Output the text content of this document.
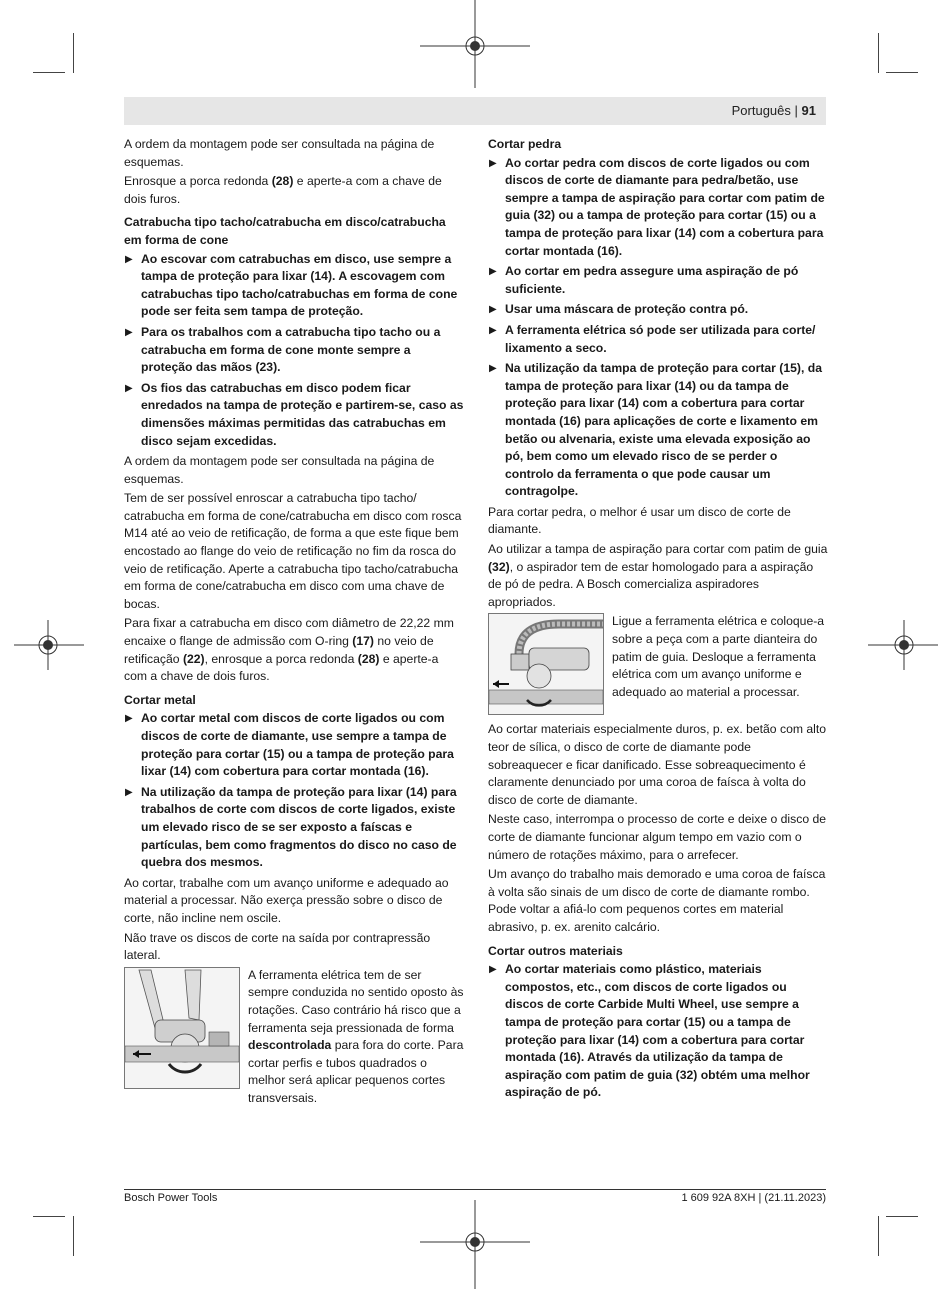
Português | 91

A ordem da montagem pode ser consultada na página de esquemas.

Enrosque a porca redonda (28) e aperte-a com a chave de dois furos.

Catrabucha tipo tacho/catrabucha em disco/catrabucha em forma de cone
▶ Ao escovar com catrabuchas em disco, use sempre a tampa de proteção para lixar (14). A escovagem com catrabuchas tipo tacho/catrabuchas em forma de cone pode ser feita sem tampa de proteção.
▶ Para os trabalhos com a catrabucha tipo tacho ou a catrabucha em forma de cone monte sempre a proteção das mãos (23).
▶ Os fios das catrabuchas em disco podem ficar enredados na tampa de proteção e partirem-se, caso as dimensões máximas permitidas das catrabuchas em disco sejam excedidas.

A ordem da montagem pode ser consultada na página de esquemas.

Tem de ser possível enroscar a catrabucha tipo tacho/ catrabucha em forma de cone/catrabucha em disco com rosca M14 até ao veio de retificação, de forma a que este fique bem encostado ao flange do veio de retificação no fim da rosca do veio de retificação. Aperte a catrabucha tipo tacho/catrabucha em forma de cone/catrabucha em disco com uma chave de bocas.

Para fixar a catrabucha em disco com diâmetro de 22,22 mm encaixe o flange de admissão com O-ring (17) no veio de retificação (22), enrosque a porca redonda (28) e aperte-a com a chave de dois furos.

Cortar metal
▶ Ao cortar metal com discos de corte ligados ou com discos de corte de diamante, use sempre a tampa de proteção para cortar (15) ou a tampa de proteção para lixar (14) com cobertura para cortar montada (16).
▶ Na utilização da tampa de proteção para lixar (14) para trabalhos de corte com discos de corte ligados, existe um elevado risco de se ser exposto a faíscas e partículas, bem como fragmentos do disco no caso de quebra dos mesmos.

Ao cortar, trabalhe com um avanço uniforme e adequado ao material a processar. Não exerça pressão sobre o disco de corte, não incline nem oscile.

Não trave os discos de corte na saída por contrapressão lateral.

A ferramenta elétrica tem de ser sempre conduzida no sentido oposto às rotações. Caso contrário há risco que a ferramenta seja pressionada de forma descontrolada para fora do corte. Para cortar perfis e tubos quadrados o melhor será aplicar pequenos cortes transversais.

Cortar pedra
▶ Ao cortar pedra com discos de corte ligados ou com discos de corte de diamante para pedra/betão, use sempre a tampa de aspiração para cortar com patim de guia (32) ou a tampa de proteção para cortar (15) ou a tampa de proteção para lixar (14) com a cobertura para cortar montada (16).
▶ Ao cortar em pedra assegure uma aspiração de pó suficiente.
▶ Usar uma máscara de proteção contra pó.
▶ A ferramenta elétrica só pode ser utilizada para corte/ lixamento a seco.
▶ Na utilização da tampa de proteção para cortar (15), da tampa de proteção para lixar (14) ou da tampa de proteção para lixar (14) com a cobertura para cortar montada (16) para aplicações de corte e lixamento em betão ou alvenaria, existe uma elevada exposição ao pó, bem como um elevado risco de se perder o controlo da ferramenta o que pode causar um contragolpe.

Para cortar pedra, o melhor é usar um disco de corte de diamante.

Ao utilizar a tampa de aspiração para cortar com patim de guia (32), o aspirador tem de estar homologado para a aspiração de pó de pedra. A Bosch comercializa aspiradores apropriados.

Ligue a ferramenta elétrica e coloque-a sobre a peça com a parte dianteira do patim de guia. Desloque a ferramenta elétrica com um avanço uniforme e adequado ao material a processar.

Ao cortar materiais especialmente duros, p. ex. betão com alto teor de sílica, o disco de corte de diamante pode sobreaquecer e ficar danificado. Esse sobreaquecimento é claramente denunciado por uma coroa de faísca à volta do disco de corte de diamante.

Neste caso, interrompa o processo de corte e deixe o disco de corte de diamante funcionar algum tempo em vazio com o número de rotações máximo, para o arrefecer.

Um avanço do trabalho mais demorado e uma coroa de faísca à volta são sinais de um disco de corte de diamante rombo. Pode voltar a afiá-lo com pequenos cortes em material abrasivo, p. ex. arenito calcário.

Cortar outros materiais
▶ Ao cortar materiais como plástico, materiais compostos, etc., com discos de corte ligados ou discos de corte Carbide Multi Wheel, use sempre a tampa de proteção para cortar (15) ou a tampa de proteção para lixar (14) com a cobertura para cortar montada (16). Através da utilização da tampa de aspiração com patim de guia (32) obtém uma melhor aspiração de pó.
Bosch Power Tools	1 609 92A 8XH | (21.11.2023)
